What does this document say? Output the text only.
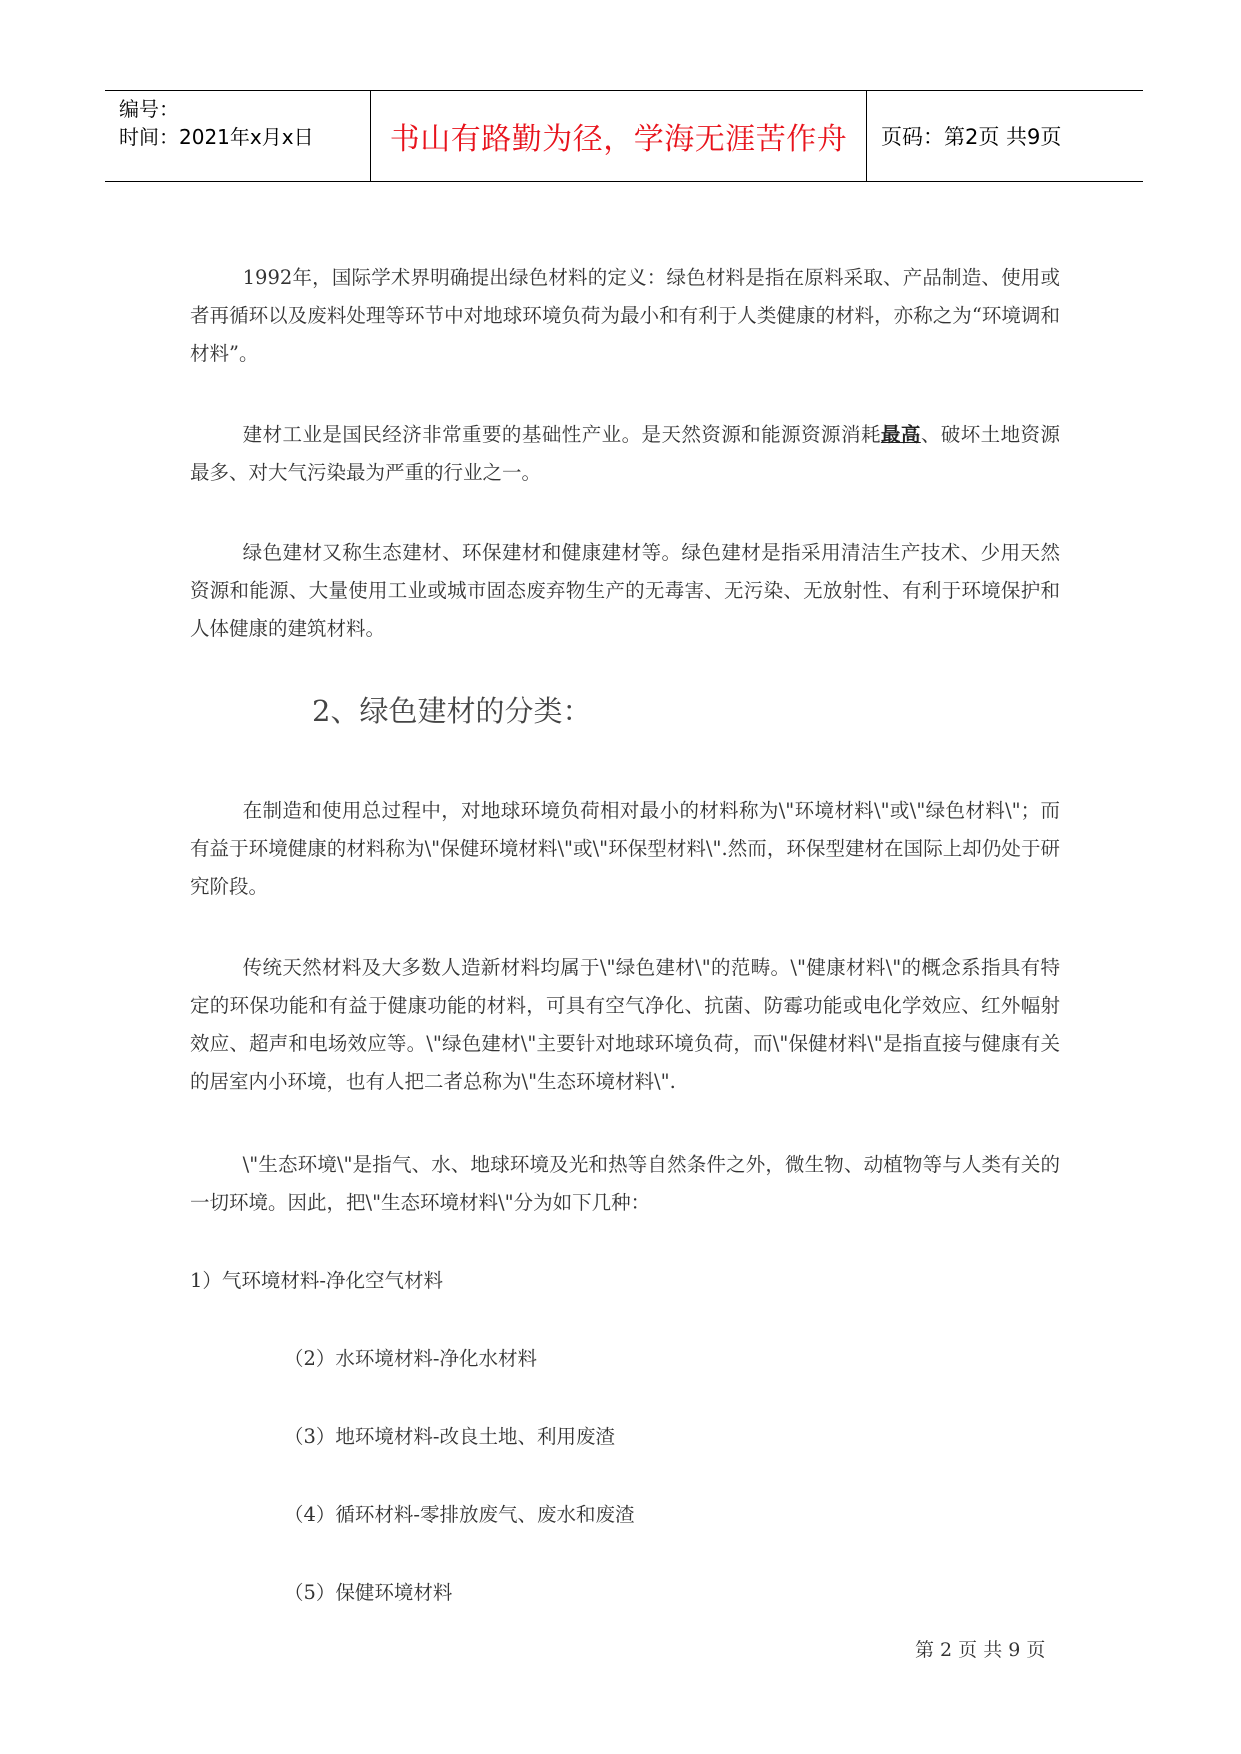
编号：
时间：2021年x月x日	书山有路勤为径，学海无涯苦作舟	页码：第2页 共9页

1992年，国际学术界明确提出绿色材料的定义：绿色材料是指在原料采取、产品制造、使用或者再循环以及废料处理等环节中对地球环境负荷为最小和有利于人类健康的材料，亦称之为“环境调和材料”。

建材工业是国民经济非常重要的基础性产业。是天然资源和能源资源消耗最高、破坏土地资源最多、对大气污染最为严重的行业之一。

绿色建材又称生态建材、环保建材和健康建材等。绿色建材是指采用清洁生产技术、少用天然资源和能源、大量使用工业或城市固态废弃物生产的无毒害、无污染、无放射性、有利于环境保护和人体健康的建筑材料。

2、绿色建材的分类：

在制造和使用总过程中，对地球环境负荷相对最小的材料称为\"环境材料\"或\"绿色材料\"；而有益于环境健康的材料称为\"保健环境材料\"或\"环保型材料\".然而，环保型建材在国际上却仍处于研究阶段。

传统天然材料及大多数人造新材料均属于\"绿色建材\"的范畴。\"健康材料\"的概念系指具有特定的环保功能和有益于健康功能的材料，可具有空气净化、抗菌、防霉功能或电化学效应、红外幅射效应、超声和电场效应等。\"绿色建材\"主要针对地球环境负荷，而\"保健材料\"是指直接与健康有关的居室内小环境，也有人把二者总称为\"生态环境材料\".

\"生态环境\"是指气、水、地球环境及光和热等自然条件之外，微生物、动植物等与人类有关的一切环境。因此，把\"生态环境材料\"分为如下几种：

1）气环境材料-净化空气材料

（2）水环境材料-净化水材料

（3）地环境材料-改良土地、利用废渣

（4）循环材料-零排放废气、废水和废渣

（5）保健环境材料

第 2 页 共 9 页
